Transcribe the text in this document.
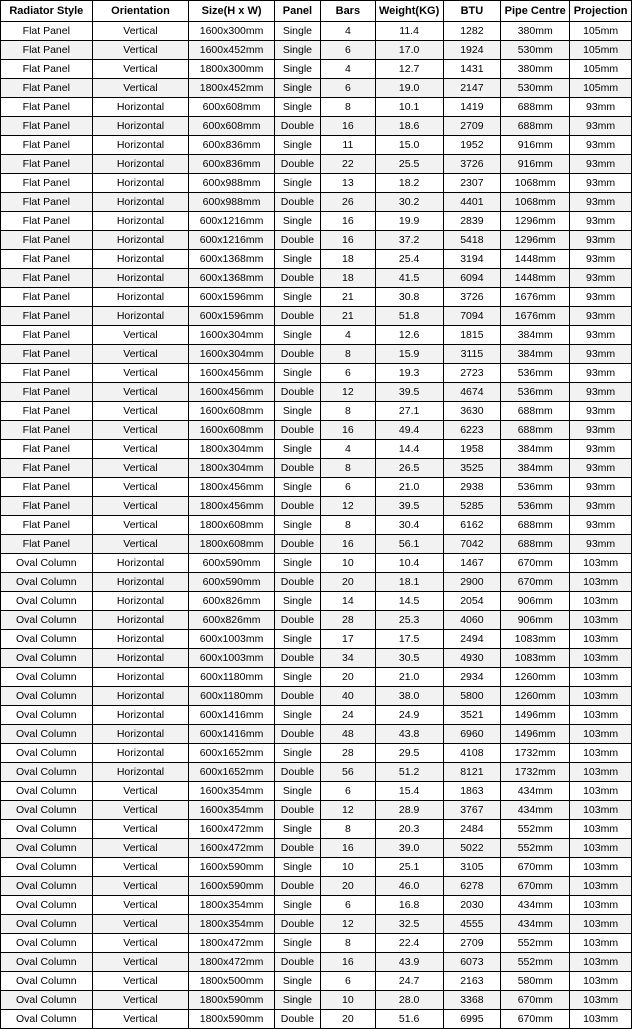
Radiator Style	Orientation	Size(H x W)	Panel	Bars	Weight(KG)	BTU	Pipe Centre	Projection
Flat Panel	Vertical	1600x300mm	Single	4	11.4	1282	380mm	105mm
Flat Panel	Vertical	1600x452mm	Single	6	17.0	1924	530mm	105mm
Flat Panel	Vertical	1800x300mm	Single	4	12.7	1431	380mm	105mm
Flat Panel	Vertical	1800x452mm	Single	6	19.0	2147	530mm	105mm
Flat Panel	Horizontal	600x608mm	Single	8	10.1	1419	688mm	93mm
Flat Panel	Horizontal	600x608mm	Double	16	18.6	2709	688mm	93mm
Flat Panel	Horizontal	600x836mm	Single	11	15.0	1952	916mm	93mm
Flat Panel	Horizontal	600x836mm	Double	22	25.5	3726	916mm	93mm
Flat Panel	Horizontal	600x988mm	Single	13	18.2	2307	1068mm	93mm
Flat Panel	Horizontal	600x988mm	Double	26	30.2	4401	1068mm	93mm
Flat Panel	Horizontal	600x1216mm	Single	16	19.9	2839	1296mm	93mm
Flat Panel	Horizontal	600x1216mm	Double	16	37.2	5418	1296mm	93mm
Flat Panel	Horizontal	600x1368mm	Single	18	25.4	3194	1448mm	93mm
Flat Panel	Horizontal	600x1368mm	Double	18	41.5	6094	1448mm	93mm
Flat Panel	Horizontal	600x1596mm	Single	21	30.8	3726	1676mm	93mm
Flat Panel	Horizontal	600x1596mm	Double	21	51.8	7094	1676mm	93mm
Flat Panel	Vertical	1600x304mm	Single	4	12.6	1815	384mm	93mm
Flat Panel	Vertical	1600x304mm	Double	8	15.9	3115	384mm	93mm
Flat Panel	Vertical	1600x456mm	Single	6	19.3	2723	536mm	93mm
Flat Panel	Vertical	1600x456mm	Double	12	39.5	4674	536mm	93mm
Flat Panel	Vertical	1600x608mm	Single	8	27.1	3630	688mm	93mm
Flat Panel	Vertical	1600x608mm	Double	16	49.4	6223	688mm	93mm
Flat Panel	Vertical	1800x304mm	Single	4	14.4	1958	384mm	93mm
Flat Panel	Vertical	1800x304mm	Double	8	26.5	3525	384mm	93mm
Flat Panel	Vertical	1800x456mm	Single	6	21.0	2938	536mm	93mm
Flat Panel	Vertical	1800x456mm	Double	12	39.5	5285	536mm	93mm
Flat Panel	Vertical	1800x608mm	Single	8	30.4	6162	688mm	93mm
Flat Panel	Vertical	1800x608mm	Double	16	56.1	7042	688mm	93mm
Oval Column	Horizontal	600x590mm	Single	10	10.4	1467	670mm	103mm
Oval Column	Horizontal	600x590mm	Double	20	18.1	2900	670mm	103mm
Oval Column	Horizontal	600x826mm	Single	14	14.5	2054	906mm	103mm
Oval Column	Horizontal	600x826mm	Double	28	25.3	4060	906mm	103mm
Oval Column	Horizontal	600x1003mm	Single	17	17.5	2494	1083mm	103mm
Oval Column	Horizontal	600x1003mm	Double	34	30.5	4930	1083mm	103mm
Oval Column	Horizontal	600x1180mm	Single	20	21.0	2934	1260mm	103mm
Oval Column	Horizontal	600x1180mm	Double	40	38.0	5800	1260mm	103mm
Oval Column	Horizontal	600x1416mm	Single	24	24.9	3521	1496mm	103mm
Oval Column	Horizontal	600x1416mm	Double	48	43.8	6960	1496mm	103mm
Oval Column	Horizontal	600x1652mm	Single	28	29.5	4108	1732mm	103mm
Oval Column	Horizontal	600x1652mm	Double	56	51.2	8121	1732mm	103mm
Oval Column	Vertical	1600x354mm	Single	6	15.4	1863	434mm	103mm
Oval Column	Vertical	1600x354mm	Double	12	28.9	3767	434mm	103mm
Oval Column	Vertical	1600x472mm	Single	8	20.3	2484	552mm	103mm
Oval Column	Vertical	1600x472mm	Double	16	39.0	5022	552mm	103mm
Oval Column	Vertical	1600x590mm	Single	10	25.1	3105	670mm	103mm
Oval Column	Vertical	1600x590mm	Double	20	46.0	6278	670mm	103mm
Oval Column	Vertical	1800x354mm	Single	6	16.8	2030	434mm	103mm
Oval Column	Vertical	1800x354mm	Double	12	32.5	4555	434mm	103mm
Oval Column	Vertical	1800x472mm	Single	8	22.4	2709	552mm	103mm
Oval Column	Vertical	1800x472mm	Double	16	43.9	6073	552mm	103mm
Oval Column	Vertical	1800x500mm	Single	6	24.7	2163	580mm	103mm
Oval Column	Vertical	1800x590mm	Single	10	28.0	3368	670mm	103mm
Oval Column	Vertical	1800x590mm	Double	20	51.6	6995	670mm	103mm
